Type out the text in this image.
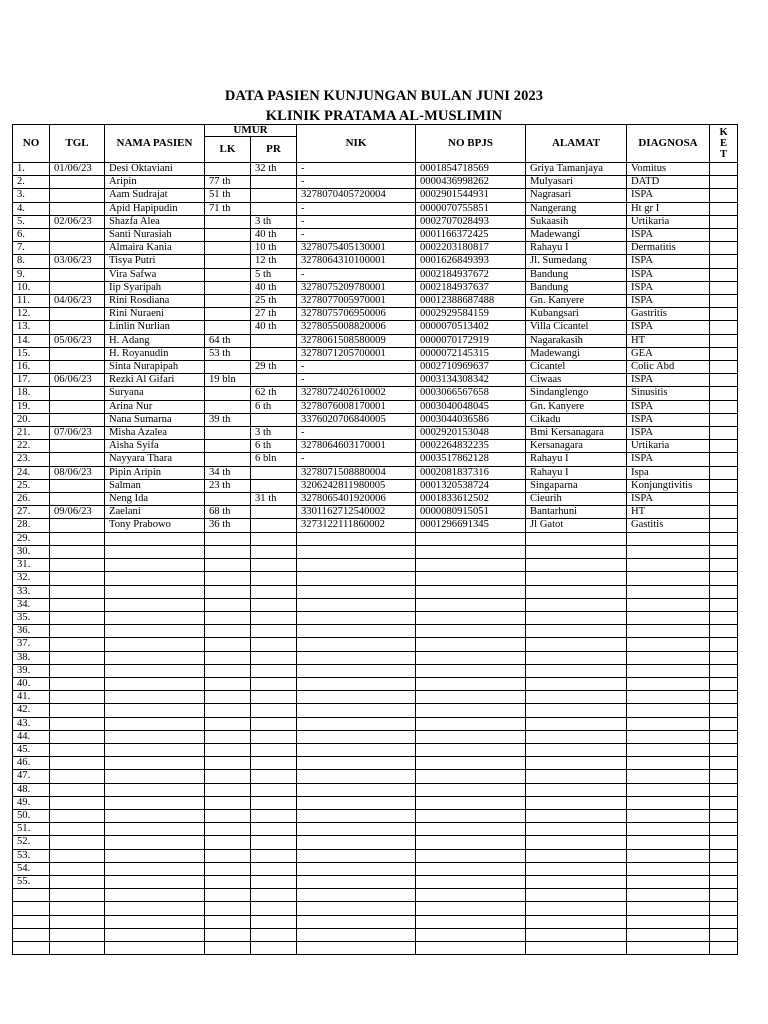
DATA PASIEN KUNJUNGAN BULAN JUNI 2023
KLINIK PRATAMA AL-MUSLIMIN
NO	TGL	NAMA PASIEN	UMUR		NIK	NO BPJS	ALAMAT	DIAGNOSA	K E T

			LK	PR					
1.	01/06/23	Desi Oktaviani		32 th	-	0001854718569	Griya Tamanjaya	Vomitus	
2.		Aripin	77 th		-	0000436998262	Mulyasari	DATD	
3.		Aam Sudrajat	51 th		3278070405720004	0002901544931	Nagrasari	ISPA	
4.		Apid Hapipudin	71 th		-	0000070755851	Nangerang	Ht gr I	
5.	02/06/23	Shazfa Alea		3 th	-	0002707028493	Sukaasih	Urtikaria	
6.		Santi Nurasiah		40 th	-	0001166372425	Madewangi	ISPA	
7.		Almaira Kania		10 th	3278075405130001	0002203180817	Rahayu I	Dermatitis	
8.	03/06/23	Tisya Putri		12 th	3278064310100001	0001626849393	Jl. Sumedang	ISPA	
9.		Vira Safwa		5 th	-	0002184937672	Bandung	ISPA	
10.		Iip Syaripah		40 th	3278075209780001	0002184937637	Bandung	ISPA	
11.	04/06/23	Rini Rosdiana		25 th	3278077005970001	00012388687488	Gn. Kanyere	ISPA	
12.		Rini Nuraeni		27 th	3278075706950006	0002929584159	Kubangsari	Gastritis	
13.		Linlin Nurlian		40 th	3278055008820006	0000070513402	Villa Cicantel	ISPA	
14.	05/06/23	H. Adang	64 th		3278061508580009	0000070172919	Nagarakasih	HT	
15.		H. Royanudin	53 th		3278071205700001	0000072145315	Madewangi	GEA	
16.		Sinta Nurapipah		29 th	-	0002710969637	Cicantel	Colic Abd	
17.	06/06/23	Rezki Al Gifari	19 bln		-	0003134308342	Ciwaas	ISPA	
18.		Suryana		62 th	3278072402610002	0003066567658	Sindanglengo	Sinusitis	
19.		Arina Nur		6 th	3278076008170001	0003040048045	Gn. Kanyere	ISPA	
20.		Nana Sumarna	39 th		3376020706840005	0003044036586	Cikadu	ISPA	
21.	07/06/23	Misha Azalea		3 th	-	0002920153048	Bmi Kersanagara	ISPA	
22.		Aisha Syifa		6 th	3278064603170001	0002264832235	Kersanagara	Urtikaria	
23.		Nayyara Thara		6 bln	-	0003517862128	Rahayu I	ISPA	
24.	08/06/23	Pipin Aripin	34 th		3278071508880004	0002081837316	Rahayu I	Ispa	
25.		Salman	23 th		3206242811980005	0001320538724	Singaparna	Konjungtivitis	
26.		Neng Ida		31 th	3278065401920006	0001833612502	Cieurih	ISPA	
27.	09/06/23	Zaelani	68 th		3301162712540002	0000080915051	Bantarhuni	HT	
28.		Tony Prabowo	36 th		3273122111860002	0001296691345	Jl Gatot	Gastitis	
29.									
30.									
31.									
32.									
33.									
34.									
35.									
36.									
37.									
38.									
39.									
40.									
41.									
42.									
43.									
44.									
45.									
46.									
47.									
48.									
49.									
50.									
51.									
52.									
53.									
54.									
55.									
